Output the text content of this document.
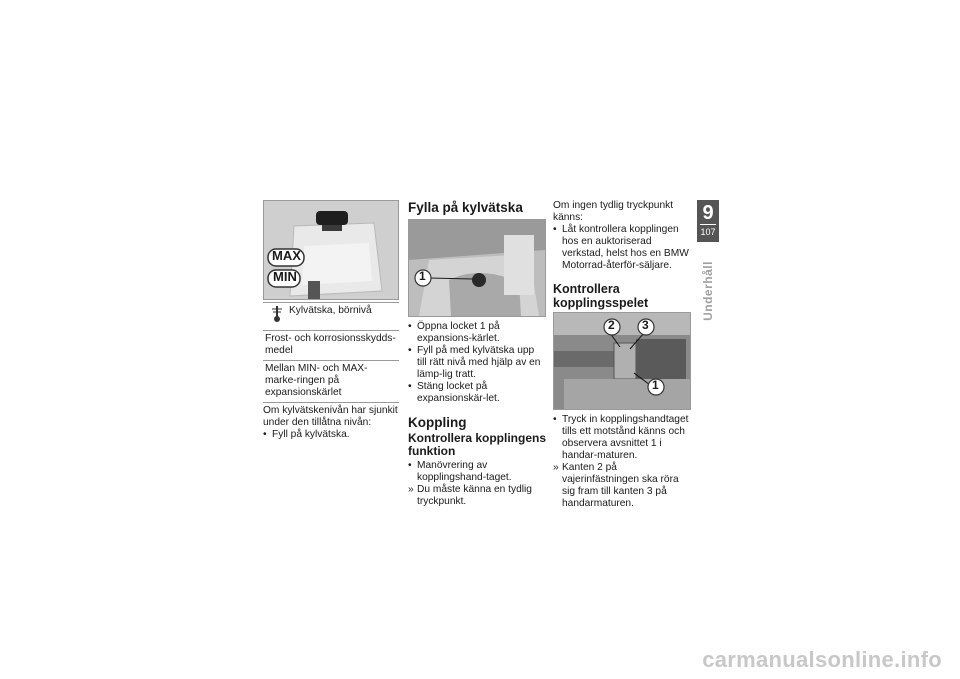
MAX
MIN
Kylvätska, börnivå
Frost- och korrosionsskydds-medel
Mellan MIN- och MAX-marke-ringen på expansionskärlet

Om kylvätskenivån har sjunkit under den tillåtna nivån:

• Fyll på kylvätska.
Fylla på kylvätska
1
• Öppna locket 1 på expansions-kärlet.
• Fyll på med kylvätska upp till rätt nivå med hjälp av en lämp-lig tratt.
• Stäng locket på expansionskär-let.
Koppling
Kontrollera kopplingens funktion
• Manövrering av kopplingshand-taget.
» Du måste känna en tydlig tryckpunkt.

Om ingen tydlig tryckpunkt känns:

• Låt kontrollera kopplingen hos en auktoriserad verkstad, helst hos en BMW Motorrad-återför-säljare.
Kontrollera kopplingsspelet
2 3
1
• Tryck in kopplingshandtaget tills ett motstånd känns och observera avsnittet 1 i handar-maturen.
» Kanten 2 på vajerinfästningen ska röra sig fram till kanten 3 på handarmaturen.
9
107
Underhåll
carmanualsonline.info
